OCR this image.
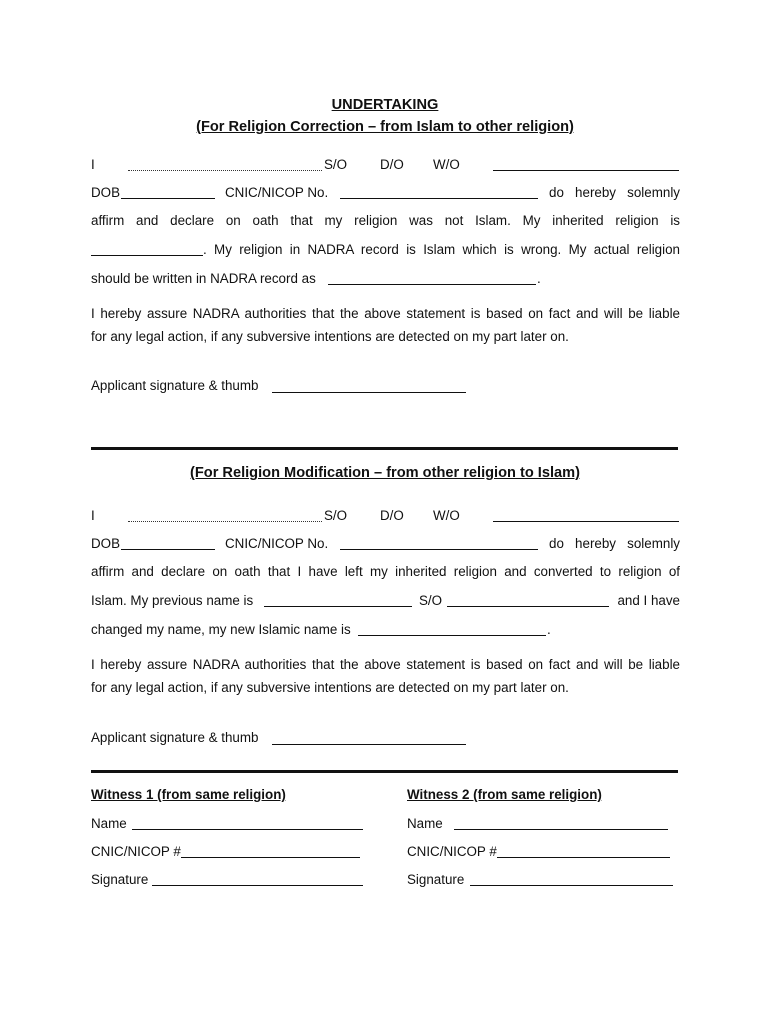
UNDERTAKING
(For Religion Correction – from Islam to other religion)
I	S/O D/O W/O
DOB	CNIC/NICOP No.	do hereby solemnly
affirm and declare on oath that my religion was not Islam. My inherited religion is
. My religion in NADRA record is Islam which is wrong. My actual religion
should be written in NADRA record as	.
I hereby assure NADRA authorities that the above statement is based on fact and will be liable
for any legal action, if any subversive intentions are detected on my part later on.
Applicant signature & thumb
(For Religion Modification – from other religion to Islam)
I	S/O D/O W/O
DOB	CNIC/NICOP No.	do hereby solemnly
affirm and declare on oath that I have left my inherited religion and converted to religion of
Islam. My previous name is	S/O	and I have
changed my name, my new Islamic name is	.
I hereby assure NADRA authorities that the above statement is based on fact and will be liable
for any legal action, if any subversive intentions are detected on my part later on.
Applicant signature & thumb
Witness 1 (from same religion)	Witness 2 (from same religion)
Name	Name
CNIC/NICOP #	CNIC/NICOP #
Signature	Signature
